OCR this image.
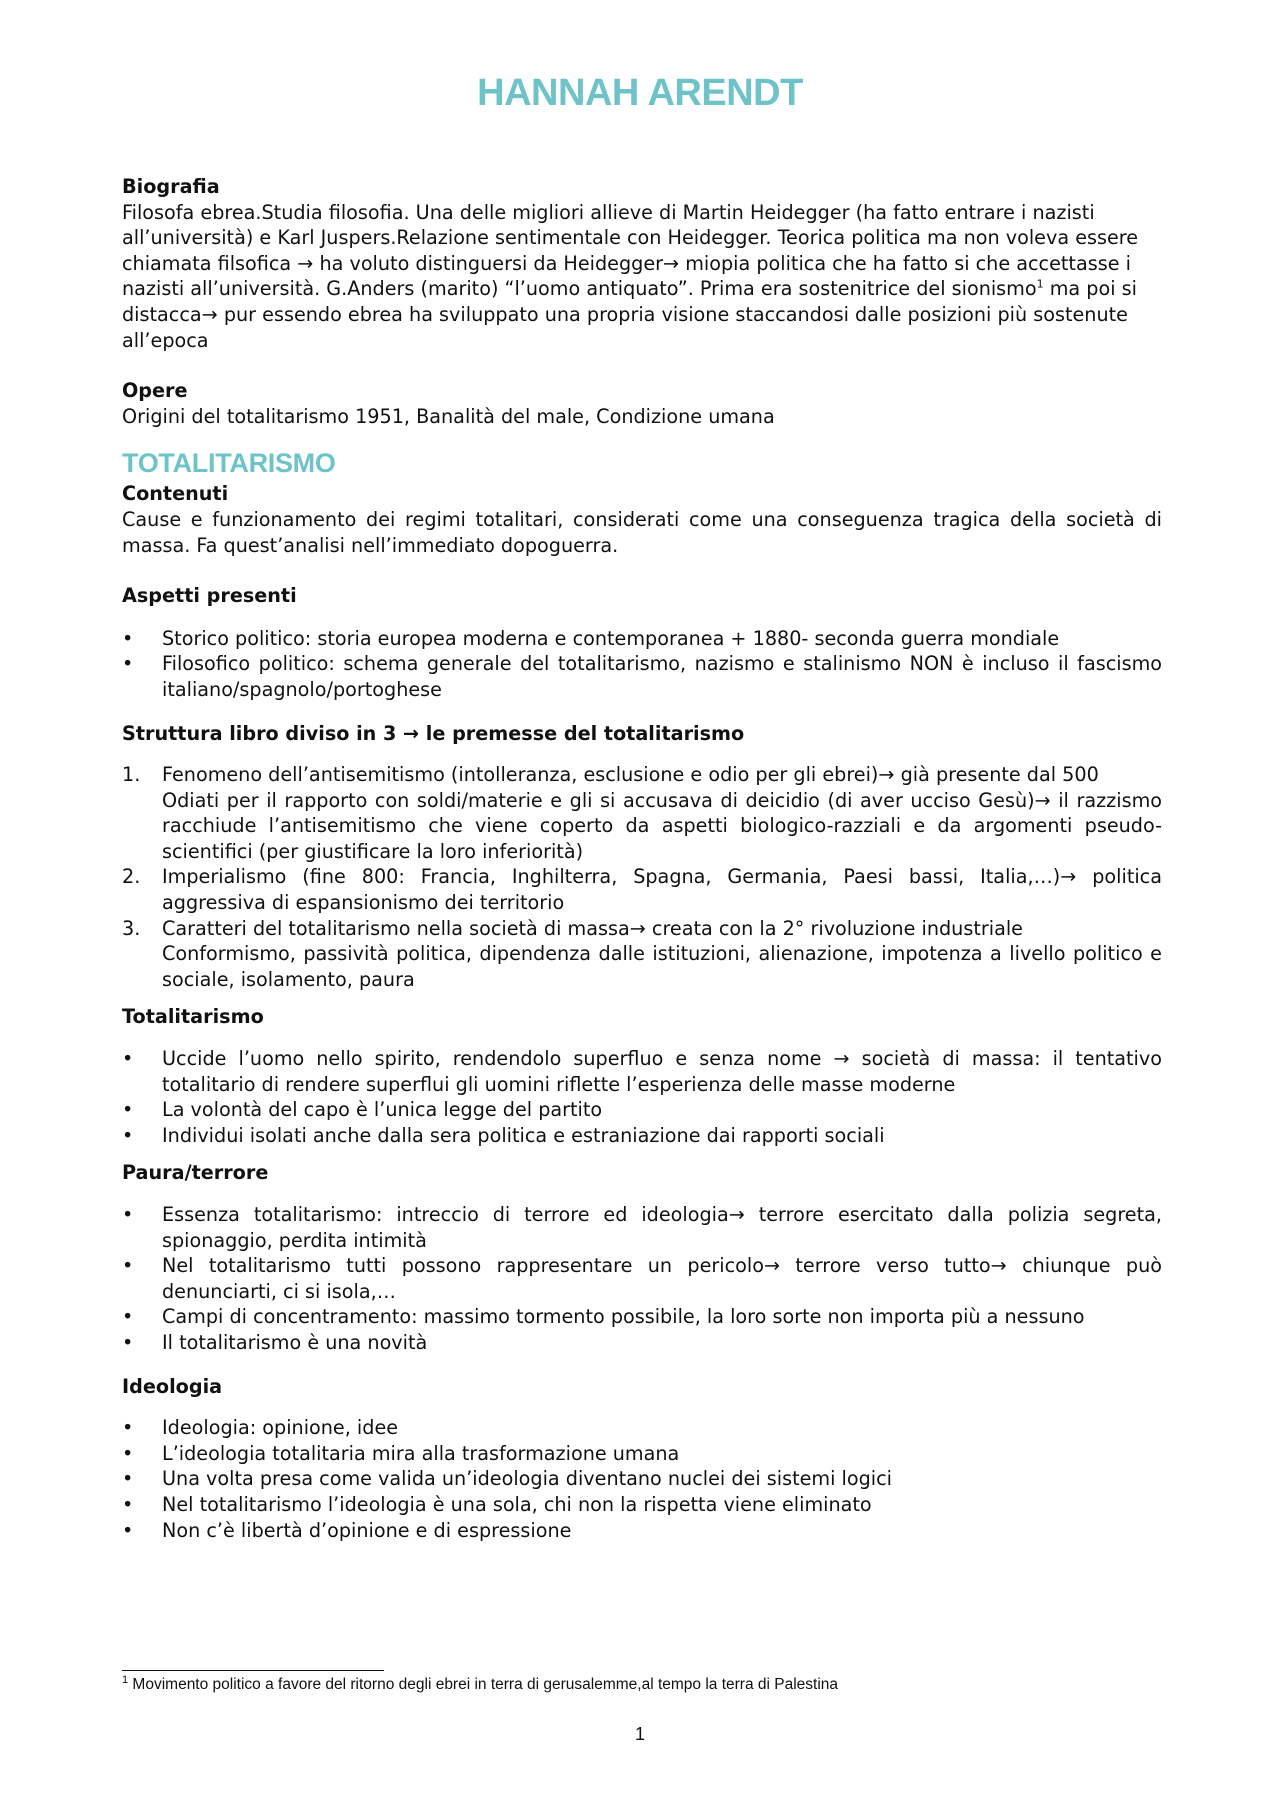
HANNAH ARENDT

Biografia

Filosofa ebrea.Studia filosofia. Una delle migliori allieve di Martin Heidegger (ha fatto entrare i nazisti all’università) e Karl Juspers.Relazione sentimentale con Heidegger. Teorica politica ma non voleva essere chiamata filsofica → ha voluto distinguersi da Heidegger→ miopia politica che ha fatto si che accettasse i nazisti all’università. G.Anders (marito) “l’uomo antiquato”. Prima era sostenitrice del sionismo$^1$ ma poi si distacca→ pur essendo ebrea ha sviluppato una propria visione staccandosi dalle posizioni più sostenute all’epoca

Opere

Origini del totalitarismo 1951, Banalità del male, Condizione umana

TOTALITARISMO

Contenuti

Cause e funzionamento dei regimi totalitari, considerati come una conseguenza tragica della società di massa. Fa quest’analisi nell’immediato dopoguerra.

Aspetti presenti

•	Storico politico: storia europea moderna e contemporanea + 1880- seconda guerra mondiale
•	Filosofico politico: schema generale del totalitarismo, nazismo e stalinismo NON è incluso il fascismo italiano/spagnolo/portoghese

Struttura libro diviso in 3 → le premesse del totalitarismo

1.	Fenomeno dell’antisemitismo (intolleranza, esclusione e odio per gli ebrei)→ già presente dal 500
Odiati per il rapporto con soldi/materie e gli si accusava di deicidio (di aver ucciso Gesù)→ il razzismo racchiude l’antisemitismo che viene coperto da aspetti biologico-razziali e da argomenti pseudo-scientifici (per giustificare la loro inferiorità)
2.	Imperialismo (fine 800: Francia, Inghilterra, Spagna, Germania, Paesi bassi, Italia,…)→ politica aggressiva di espansionismo dei territorio
3.	Caratteri del totalitarismo nella società di massa→ creata con la 2° rivoluzione industriale
Conformismo, passività politica, dipendenza dalle istituzioni, alienazione, impotenza a livello politico e sociale, isolamento, paura

Totalitarismo

•	Uccide l’uomo nello spirito, rendendolo superfluo e senza nome → società di massa: il tentativo totalitario di rendere superflui gli uomini riflette l’esperienza delle masse moderne
•	La volontà del capo è l’unica legge del partito
•	Individui isolati anche dalla sera politica e estraniazione dai rapporti sociali

Paura/terrore

•	Essenza totalitarismo: intreccio di terrore ed ideologia→ terrore esercitato dalla polizia segreta, spionaggio, perdita intimità
•	Nel totalitarismo tutti possono rappresentare un pericolo→ terrore verso tutto→ chiunque può denunciarti, ci si isola,…
•	Campi di concentramento: massimo tormento possibile, la loro sorte non importa più a nessuno
•	Il totalitarismo è una novità

Ideologia

•	Ideologia: opinione, idee
•	L’ideologia totalitaria mira alla trasformazione umana
•	Una volta presa come valida un’ideologia diventano nuclei dei sistemi logici
•	Nel totalitarismo l’ideologia è una sola, chi non la rispetta viene eliminato
•	Non c’è libertà d’opinione e di espressione
$^1$ Movimento politico a favore del ritorno degli ebrei in terra di gerusalemme,al tempo la terra di Palestina
1
